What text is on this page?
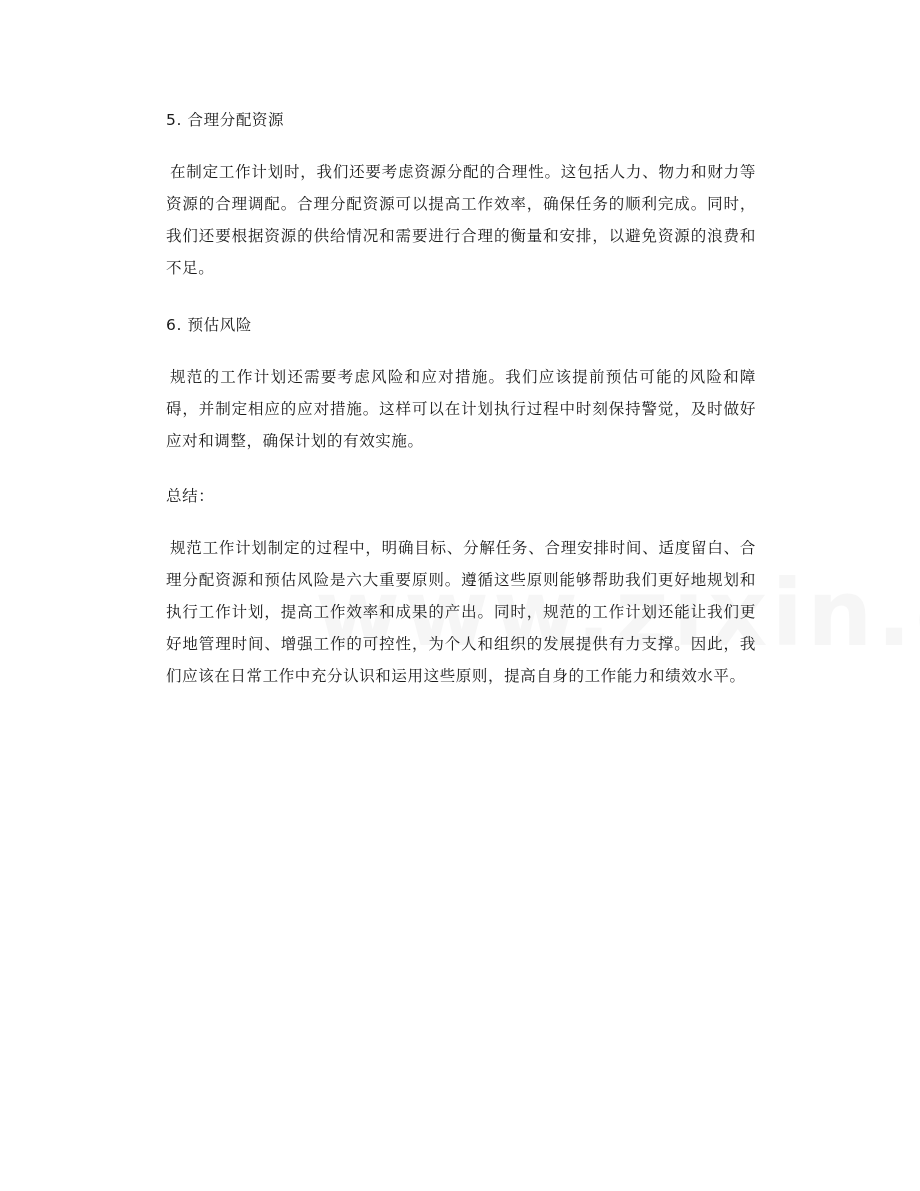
5. 合理分配资源
在制定工作计划时，我们还要考虑资源分配的合理性。这包括人力、物力和财力等资源的合理调配。合理分配资源可以提高工作效率，确保任务的顺利完成。同时，我们还要根据资源的供给情况和需要进行合理的衡量和安排，以避免资源的浪费和不足。
6. 预估风险
规范的工作计划还需要考虑风险和应对措施。我们应该提前预估可能的风险和障碍，并制定相应的应对措施。这样可以在计划执行过程中时刻保持警觉，及时做好应对和调整，确保计划的有效实施。
总结：
规范工作计划制定的过程中，明确目标、分解任务、合理安排时间、适度留白、合理分配资源和预估风险是六大重要原则。遵循这些原则能够帮助我们更好地规划和执行工作计划，提高工作效率和成果的产出。同时，规范的工作计划还能让我们更好地管理时间、增强工作的可控性，为个人和组织的发展提供有力支撑。因此，我们应该在日常工作中充分认识和运用这些原则，提高自身的工作能力和绩效水平。
